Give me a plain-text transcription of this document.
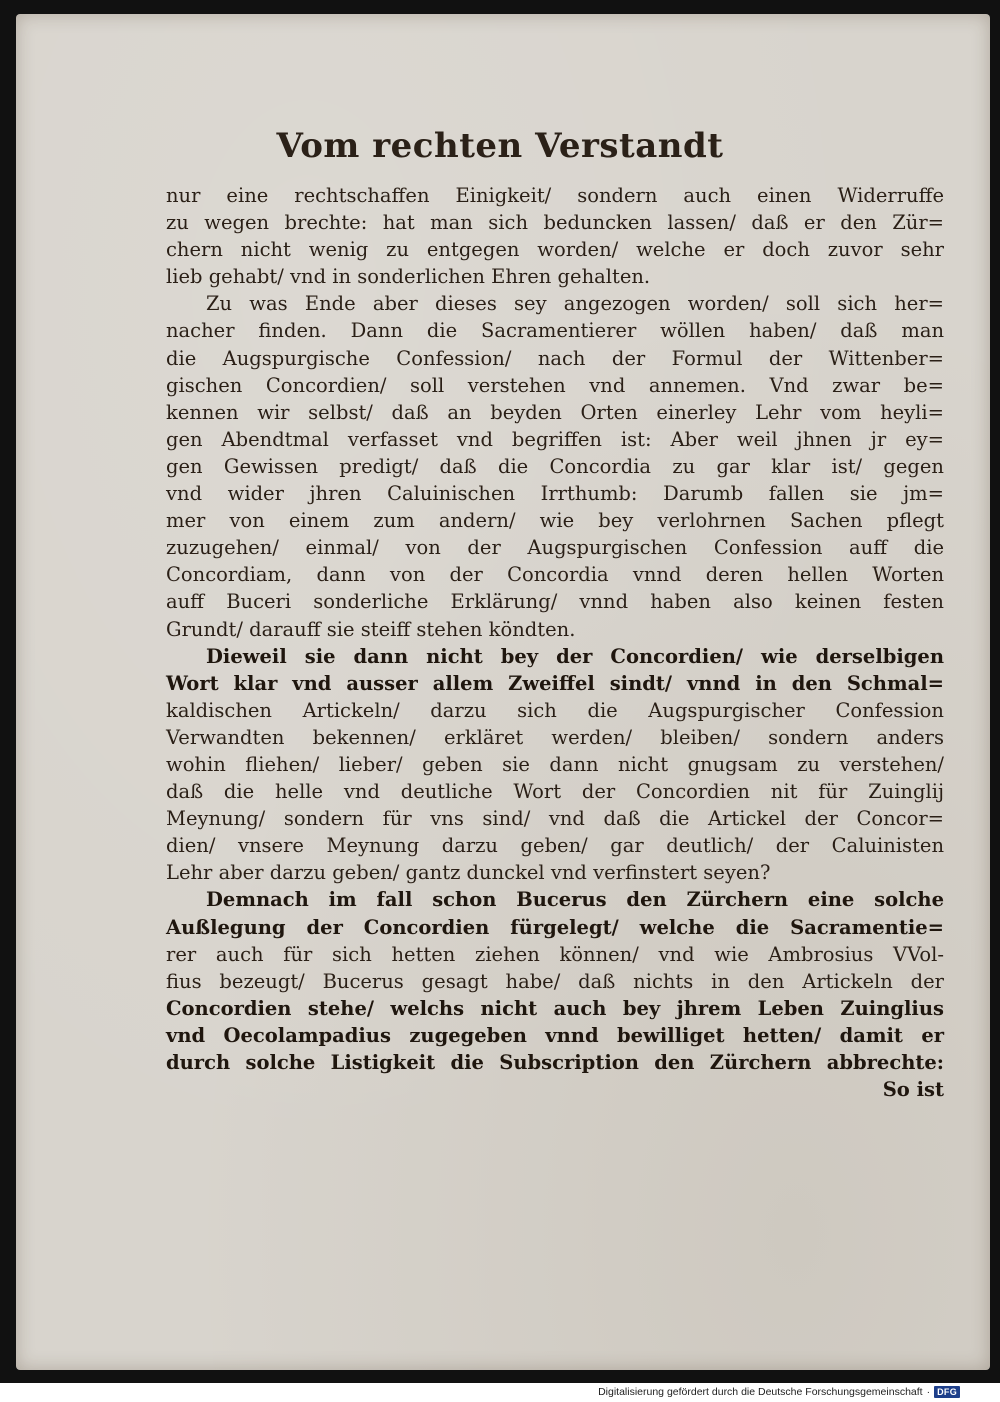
Vom rechten Verstandt
nur eine rechtschaffen Einigkeit/ sondern auch einen Widerruffe
zu wegen brechte: hat man sich beduncken lassen/ daß er den Zür=
chern nicht wenig zu entgegen worden/ welche er doch zuvor sehr
lieb gehabt/ vnd in sonderlichen Ehren gehalten.
Zu was Ende aber dieses sey angezogen worden/ soll sich her=
nacher finden. Dann die Sacramentierer wöllen haben/ daß man
die Augspurgische Confession/ nach der Formul der Wittenber=
gischen Concordien/ soll verstehen vnd annemen. Vnd zwar be=
kennen wir selbst/ daß an beyden Orten einerley Lehr vom heyli=
gen Abendtmal verfasset vnd begriffen ist: Aber weil jhnen jr ey=
gen Gewissen predigt/ daß die Concordia zu gar klar ist/ gegen
vnd wider jhren Caluinischen Irrthumb: Darumb fallen sie jm=
mer von einem zum andern/ wie bey verlohrnen Sachen pflegt
zuzugehen/ einmal/ von der Augspurgischen Confession auff die
Concordiam, dann von der Concordia vnnd deren hellen Worten
auff Buceri sonderliche Erklärung/ vnnd haben also keinen festen
Grundt/ darauff sie steiff stehen köndten.
Dieweil sie dann nicht bey der Concordien/ wie derselbigen
Wort klar vnd ausser allem Zweiffel sindt/ vnnd in den Schmal=
kaldischen Artickeln/ darzu sich die Augspurgischer Confession
Verwandten bekennen/ erkläret werden/ bleiben/ sondern anders
wohin fliehen/ lieber/ geben sie dann nicht gnugsam zu verstehen/
daß die helle vnd deutliche Wort der Concordien nit für Zuinglij
Meynung/ sondern für vns sind/ vnd daß die Artickel der Concor=
dien/ vnsere Meynung darzu geben/ gar deutlich/ der Caluinisten
Lehr aber darzu geben/ gantz dunckel vnd verfinstert seyen?
Demnach im fall schon Bucerus den Zürchern eine solche
Außlegung der Concordien fürgelegt/ welche die Sacramentie=
rer auch für sich hetten ziehen können/ vnd wie Ambrosius VVol-
fius bezeugt/ Bucerus gesagt habe/ daß nichts in den Artickeln der
Concordien stehe/ welchs nicht auch bey jhrem Leben Zuinglius
vnd Oecolampadius zugegeben vnnd bewilliget hetten/ damit er
durch solche Listigkeit die Subscription den Zürchern abbrechte:
So ist
Digitalisierung gefördert durch die Deutsche Forschungsgemeinschaft · DFG
